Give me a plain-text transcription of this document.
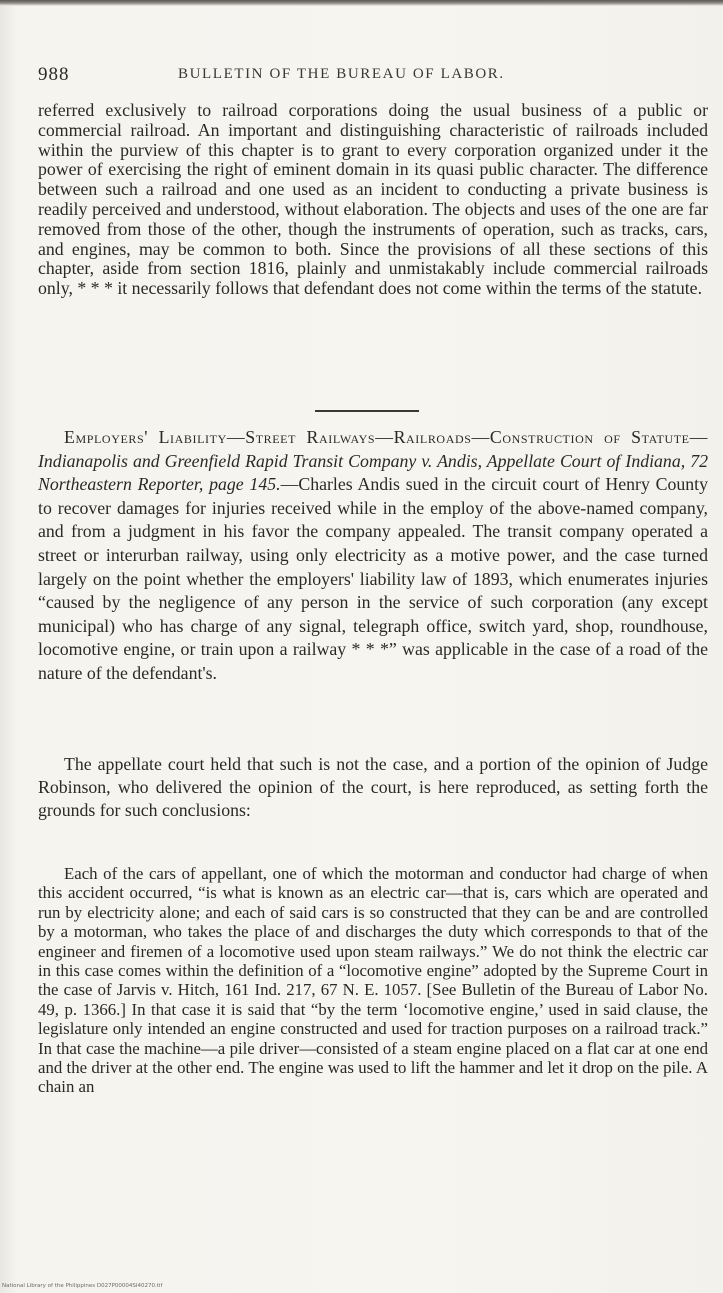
988	BULLETIN OF THE BUREAU OF LABOR.

referred exclusively to railroad corporations doing the usual business of a public or commercial railroad. An important and distinguishing characteristic of railroads included within the purview of this chapter is to grant to every corporation organized under it the power of exercising the right of eminent domain in its quasi public character. The difference between such a railroad and one used as an incident to conducting a private business is readily perceived and understood, without elaboration. The objects and uses of the one are far removed from those of the other, though the instruments of operation, such as tracks, cars, and engines, may be common to both. Since the provisions of all these sections of this chapter, aside from section 1816, plainly and unmistakably include commercial railroads only, * * * it necessarily follows that defendant does not come within the terms of the statute.

Employers' Liability—Street Railways—Railroads—Construction of Statute—Indianapolis and Greenfield Rapid Transit Company v. Andis, Appellate Court of Indiana, 72 Northeastern Reporter, page 145.—Charles Andis sued in the circuit court of Henry County to recover damages for injuries received while in the employ of the above-named company, and from a judgment in his favor the company appealed. The transit company operated a street or interurban railway, using only electricity as a motive power, and the case turned largely on the point whether the employers' liability law of 1893, which enumerates injuries “caused by the negligence of any person in the service of such corporation (any except municipal) who has charge of any signal, telegraph office, switch yard, shop, roundhouse, locomotive engine, or train upon a railway * * *” was applicable in the case of a road of the nature of the defendant's.

The appellate court held that such is not the case, and a portion of the opinion of Judge Robinson, who delivered the opinion of the court, is here reproduced, as setting forth the grounds for such conclusions:

Each of the cars of appellant, one of which the motorman and conductor had charge of when this accident occurred, “is what is known as an electric car—that is, cars which are operated and run by electricity alone; and each of said cars is so constructed that they can be and are controlled by a motorman, who takes the place of and discharges the duty which corresponds to that of the engineer and firemen of a locomotive used upon steam railways.” We do not think the electric car in this case comes within the definition of a “locomotive engine” adopted by the Supreme Court in the case of Jarvis v. Hitch, 161 Ind. 217, 67 N. E. 1057. [See Bulletin of the Bureau of Labor No. 49, p. 1366.] In that case it is said that “by the term ‘locomotive engine,’ used in said clause, the legislature only intended an engine constructed and used for traction purposes on a railroad track.” In that case the machine—a pile driver—consisted of a steam engine placed on a flat car at one end and the driver at the other end. The engine was used to lift the hammer and let it drop on the pile. A chain an

National Library of the Philippines D027P00004SI40270.tif
